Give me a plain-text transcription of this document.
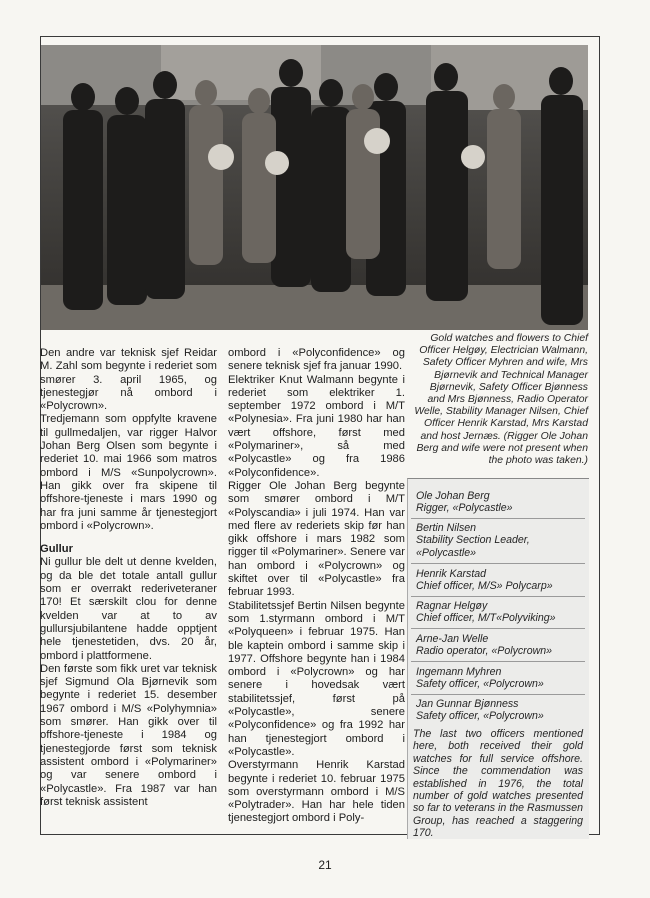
Den andre var teknisk sjef Reidar M. Zahl som begynte i rederiet som smører 3. april 1965, og tjenestegjør nå ombord i «Polycrown».

Tredjemann som oppfylte kravene til gullmedaljen, var rigger Halvor Johan Berg Olsen som begynte i rederiet 10. mai 1966 som matros ombord i M/S «Sunpolycrown». Han gikk over fra skipene til offshore-tjeneste i mars 1990 og har fra juni samme år tjenestegjort ombord i «Polycrown».

Gullur

Ni gullur ble delt ut denne kvelden, og da ble det totale antall gullur som er overrakt rederiveteraner 170! Et særskilt clou for denne kvelden var at to av gullursjubilantene hadde opptjent hele tjenestetiden, dvs. 20 år, ombord i plattformene.

Den første som fikk uret var teknisk sjef Sigmund Ola Bjørnevik som begynte i rederiet 15. desember 1967 ombord i M/S «Polyhymnia» som smører. Han gikk over til offshore-tjeneste i 1984 og tjenestegjorde først som teknisk assistent ombord i «Polymariner» og var senere ombord i «Polycastle». Fra 1987 var han først teknisk assistent

ombord i «Polyconfidence» og senere teknisk sjef fra januar 1990.

Elektriker Knut Walmann begynte i rederiet som elektriker 1. september 1972 ombord i M/T «Polynesia». Fra juni 1980 har han vært offshore, først med «Polymariner», så med «Polycastle» og fra 1986 «Polyconfidence».

Rigger Ole Johan Berg begynte som smører ombord i M/T «Polyscandia» i juli 1974. Han var med flere av rederiets skip før han gikk offshore i mars 1982 som rigger til «Polymariner». Senere var han ombord i «Polycrown» og skiftet over til «Polycastle» fra februar 1993.

Stabilitetssjef Bertin Nilsen begynte som 1.styrmann ombord i M/T «Polyqueen» i februar 1975. Han ble kaptein ombord i samme skip i 1977. Offshore begynte han i 1984 ombord i «Polycrown» og har senere i hovedsak vært stabilitetssjef, først på «Polycastle», senere «Polyconfidence» og fra 1992 har han tjenestegjort ombord i «Polycastle».

Overstyrmann Henrik Karstad begynte i rederiet 10. februar 1975 som overstyrmann ombord i M/S «Polytrader». Han har hele tiden tjenestegjort ombord i Poly-

Gold watches and flowers to Chief Officer Helgøy, Electrician Walmann, Safety Officer Myhren and wife, Mrs Bjørnevik and Technical Manager Bjørnevik, Safety Officer Bjønness and Mrs Bjønness, Radio Operator Welle, Stability Manager Nilsen, Chief Officer Henrik Karstad, Mrs Karstad and host Jernæs. (Rigger Ole Johan Berg and wife were not present when the photo was taken.)
Ole Johan Berg
Rigger, «Polycastle»
Bertin Nilsen
Stability Section Leader, «Polycastle»
Henrik Karstad
Chief officer, M/S» Polycarp»
Ragnar Helgøy
Chief officer, M/T«Polyviking»
Arne-Jan Welle
Radio operator, «Polycrown»
Ingemann Myhren
Safety officer, «Polycrown»
Jan Gunnar Bjønness
Safety officer, «Polycrown»
The last two officers mentioned here, both received their gold watches for full service offshore. Since the commendation was established in 1976, the total number of gold watches presented so far to veterans in the Rasmussen Group, has reached a staggering 170.
21
